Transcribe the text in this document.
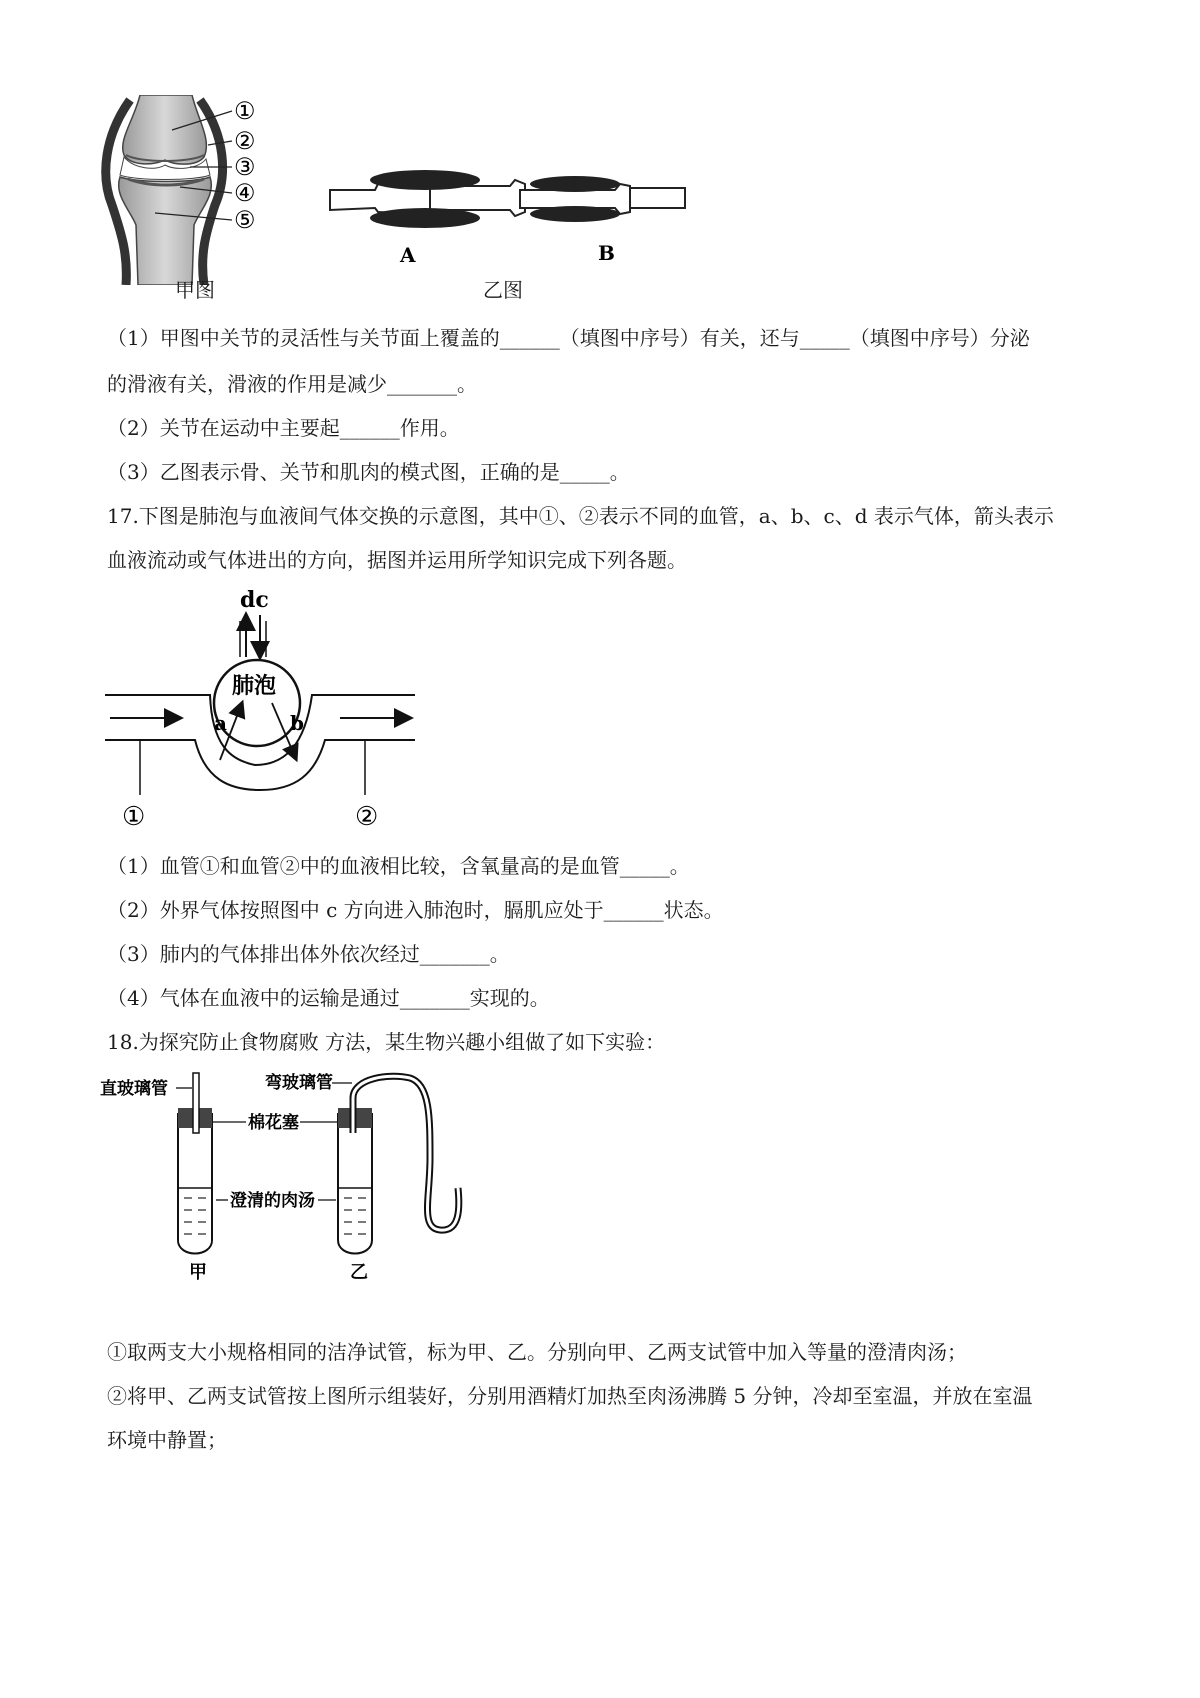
①
②
③
④
⑤
甲图
A	B
乙图
（1）甲图中关节的灵活性与关节面上覆盖的______（填图中序号）有关，还与_____（填图中序号）分泌
的滑液有关，滑液的作用是减少_______。
（2）关节在运动中主要起______作用。
（3）乙图表示骨、关节和肌肉的模式图，正确的是_____。
17.下图是肺泡与血液间气体交换的示意图，其中①、②表示不同的血管，a、b、c、d 表示气体，箭头表示
血液流动或气体进出的方向，据图并运用所学知识完成下列各题。
dc
肺泡
a	b
①	②
（1）血管①和血管②中的血液相比较，含氧量高的是血管_____。
（2）外界气体按照图中 c 方向进入肺泡时，膈肌应处于______状态。
（3）肺内的气体排出体外依次经过_______。
（4）气体在血液中的运输是通过_______实现的。
18.为探究防止食物腐败 方法，某生物兴趣小组做了如下实验：
直玻璃管	弯玻璃管
棉花塞
澄清的肉汤
甲	乙
①取两支大小规格相同的洁净试管，标为甲、乙。分别向甲、乙两支试管中加入等量的澄清肉汤；
②将甲、乙两支试管按上图所示组装好，分别用酒精灯加热至肉汤沸腾 5 分钟，冷却至室温，并放在室温
环境中静置；
